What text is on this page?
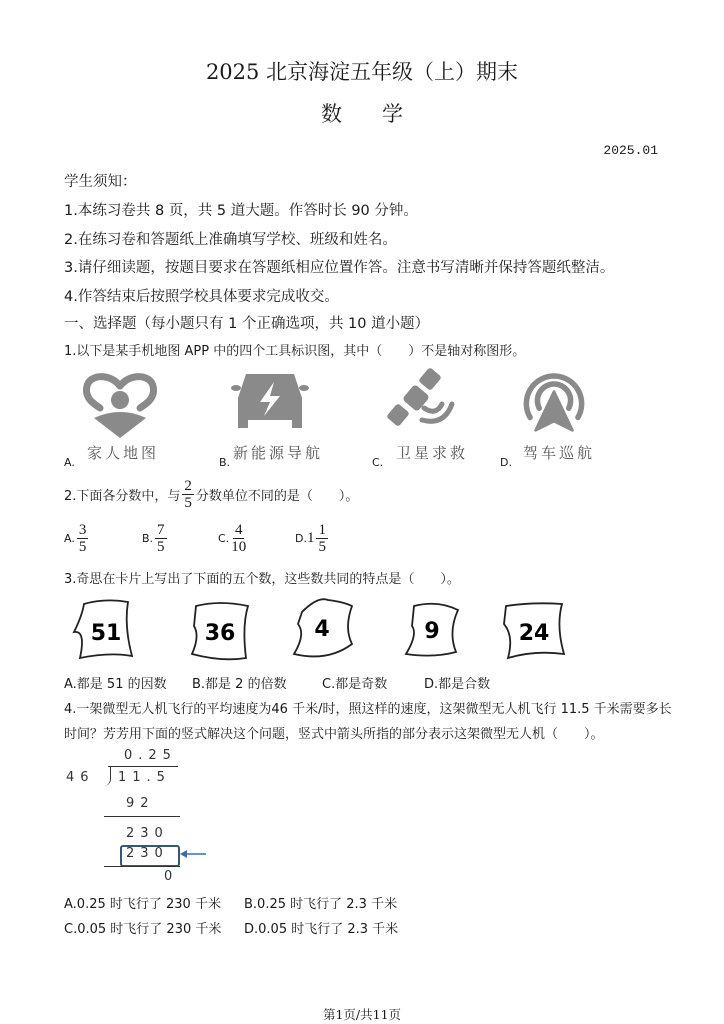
2025 北京海淀五年级（上）期末
数学
2025.01
学生须知：
1.本练习卷共 8 页，共 5 道大题。作答时长 90 分钟。
2.在练习卷和答题纸上准确填写学校、班级和姓名。
3.请仔细读题，按题目要求在答题纸相应位置作答。注意书写清晰并保持答题纸整洁。
4.作答结束后按照学校具体要求完成收交。
一、选择题（每小题只有 1 个正确选项，共 10 道小题）
1.以下是某手机地图 APP 中的四个工具标识图，其中（　　）不是轴对称图形。
A.
家人地图
B.
新能源导航
C.
卫星求救
D.
驾车巡航
2.下面各分数中，与 $\frac{2}{5}$ 分数单位不同的是（　　）。
A. $\frac{3}{5}$	B. $\frac{7}{5}$	C. $\frac{4}{10}$	D. $1 \frac{1}{5}$
3.奇思在卡片上写出了下面的五个数，这些数共同的特点是（　　）。
51	36	4	9	24
A.都是 51 的因数 B.都是 2 的倍数	C.都是奇数	D.都是合数
4.一架微型无人机飞行的平均速度为46 千米/时，照这样的速度，这架微型无人机飞行 11.5 千米需要多长
时间？芳芳用下面的竖式解决这个问题，竖式中箭头所指的部分表示这架微型无人机（　　）。
0.25
46 11.5
92
230
230
0
A.0.25 时飞行了 230 千米 B.0.25 时飞行了 2.3 千米
C.0.05 时飞行了 230 千米 D.0.05 时飞行了 2.3 千米
第1页/共11页
